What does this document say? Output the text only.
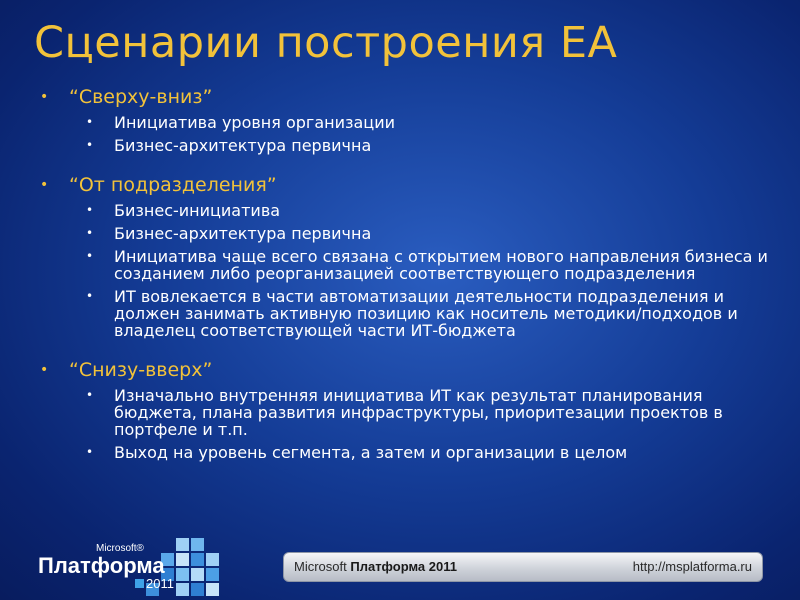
Сценарии построения ЕА
• “Сверху-вниз”
• Инициатива уровня организации
• Бизнес-архитектура первична
• “От подразделения”
• Бизнес-инициатива
• Бизнес-архитектура первична
• Инициатива чаще всего связана с открытием нового направления бизнеса и созданием либо реорганизацией соответствующего подразделения
• ИТ вовлекается в части автоматизации деятельности подразделения и должен занимать активную позицию как носитель методики/подходов и владелец соответствующей части ИТ-бюджета
• “Снизу-вверх”
• Изначально внутренняя инициатива ИТ как результат планирования бюджета, плана развития инфраструктуры, приоритезации проектов в портфеле и т.п.
• Выход на уровень сегмента, а затем и организации в целом
Microsoft®
Платформа
2011
Microsoft Платформа 2011	http://msplatforma.ru
